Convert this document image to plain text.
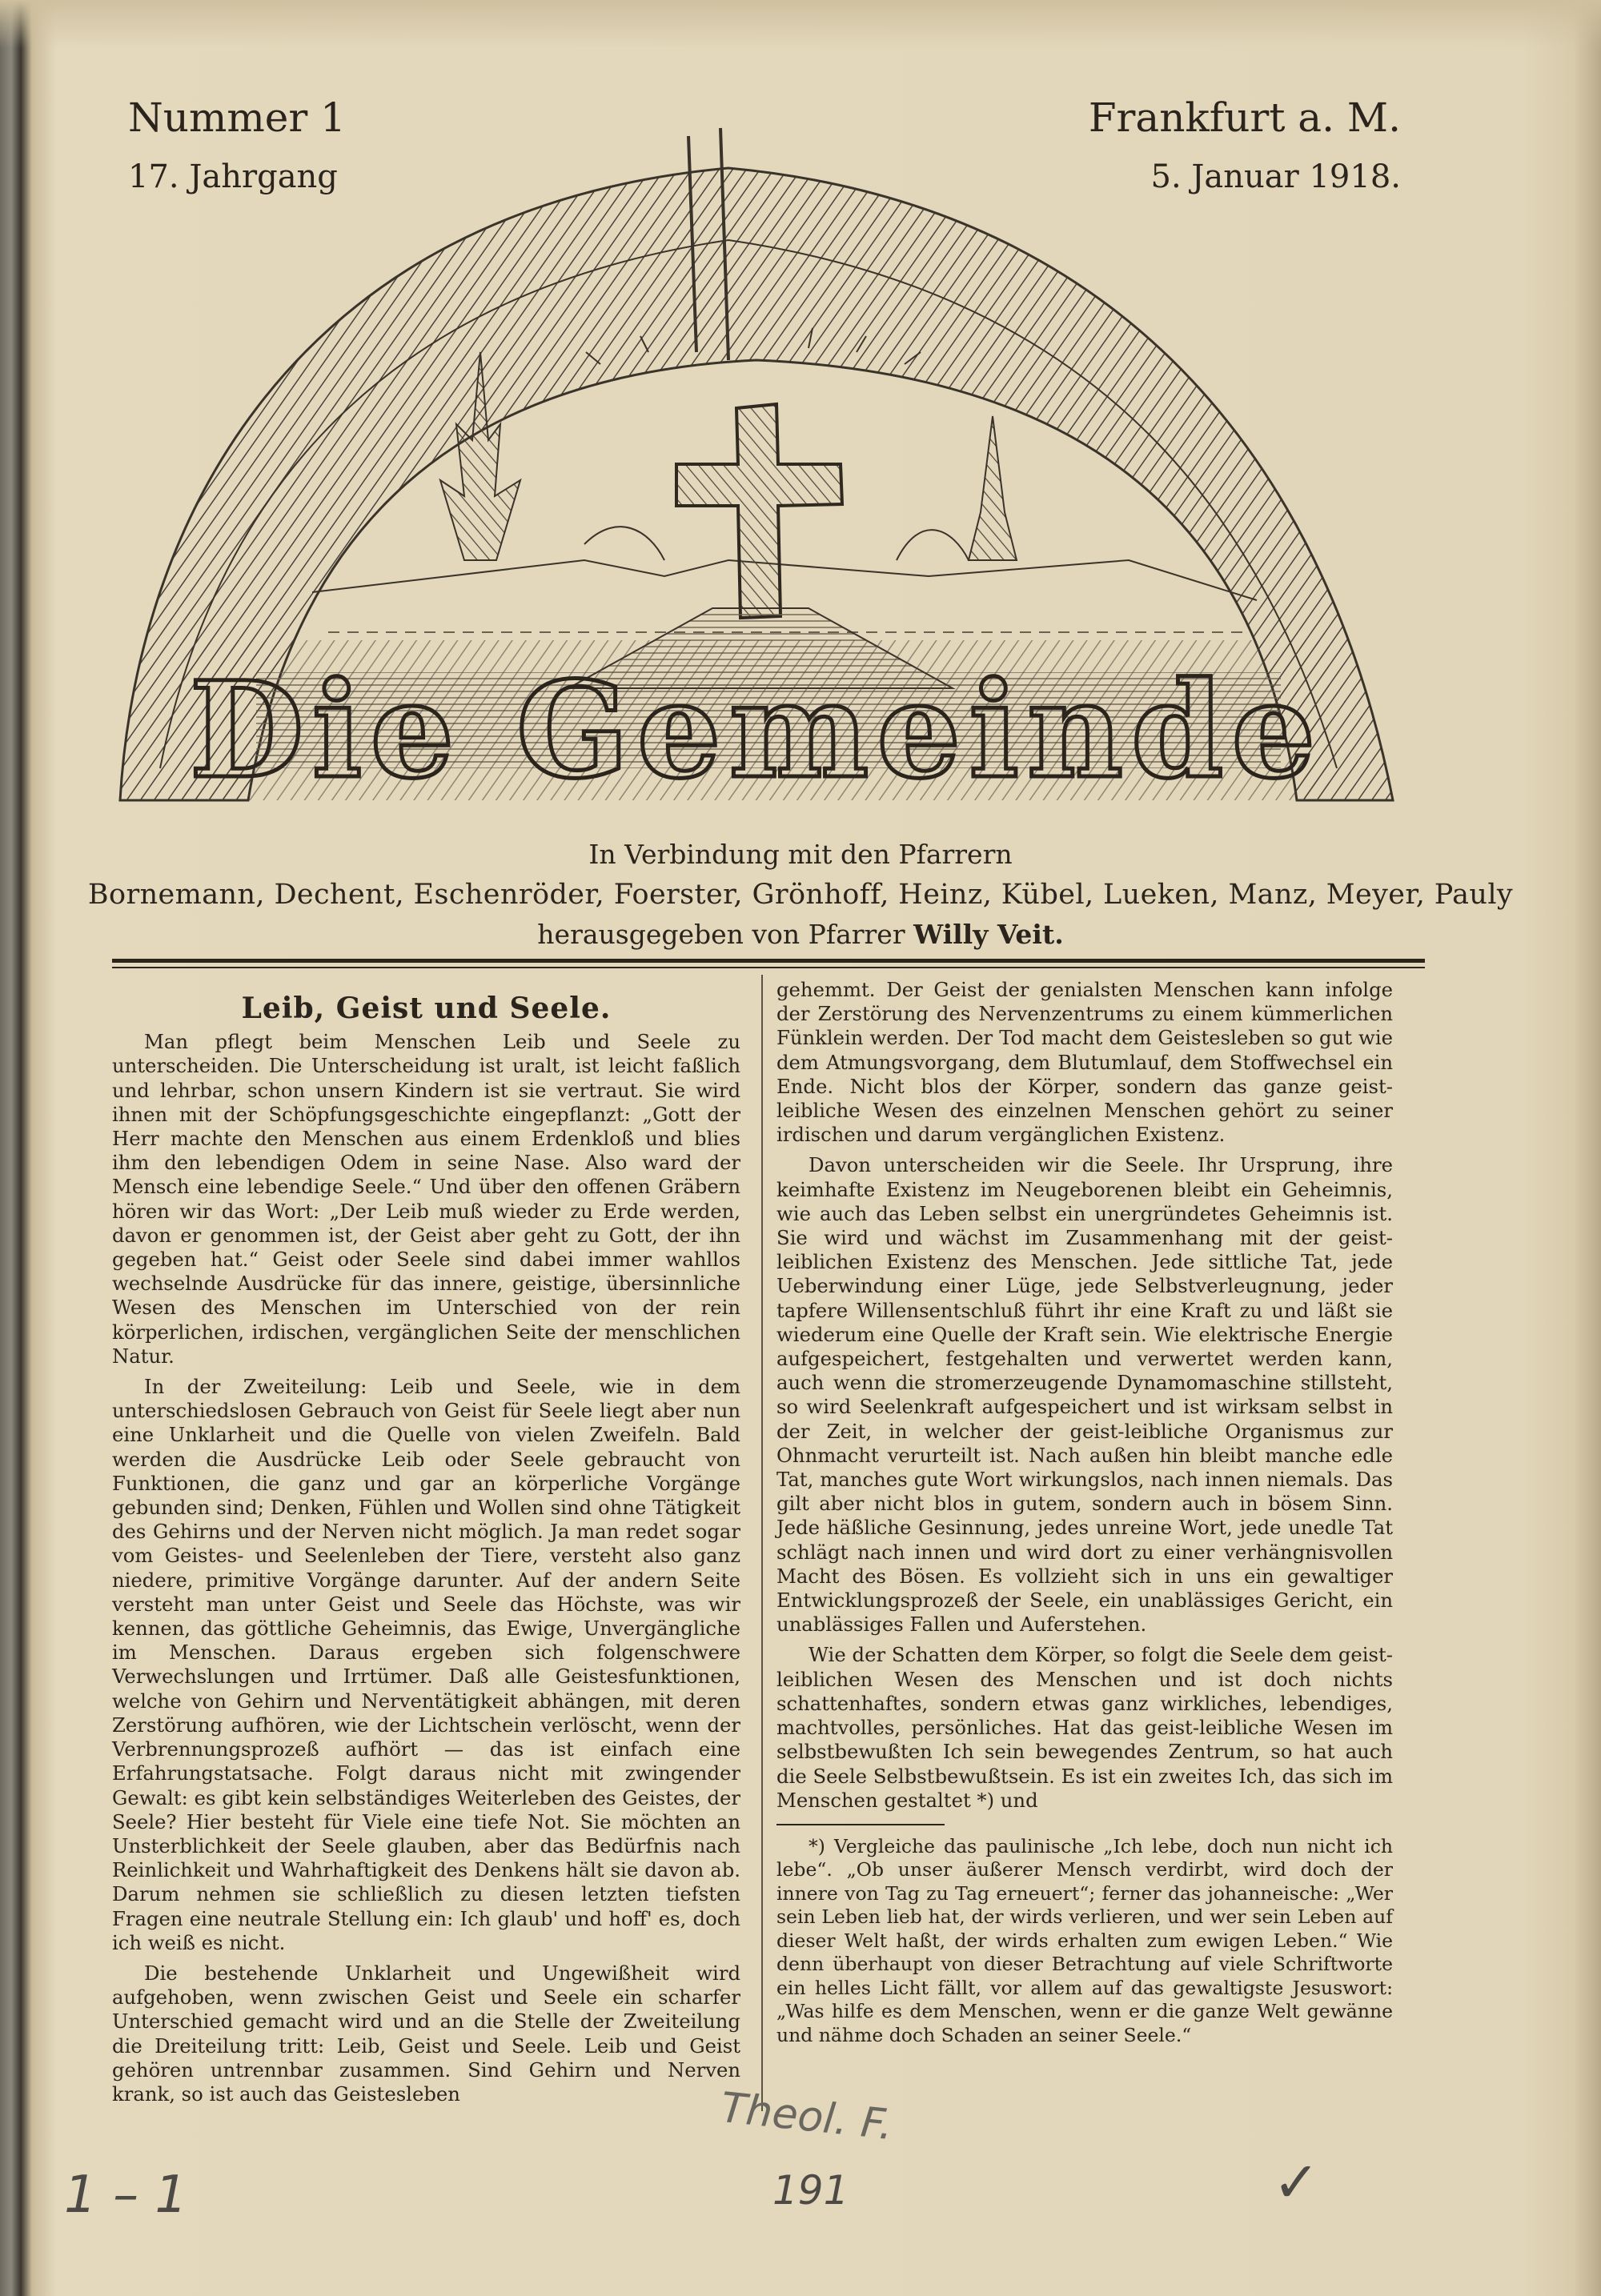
Nummer 1
17. Jahrgang
Frankfurt a. M.
5. Januar 1918.
Die Gemeinde
In Verbindung mit den Pfarrern
Bornemann, Dechent, Eschenröder, Foerster, Grönhoff, Heinz, Kübel, Lueken, Manz, Meyer, Pauly
herausgegeben von Pfarrer Willy Veit.

Leib, Geist und Seele.

Man pflegt beim Menschen Leib und Seele zu unterscheiden. Die Unterscheidung ist uralt, ist leicht faßlich und lehrbar, schon unsern Kindern ist sie vertraut. Sie wird ihnen mit der Schöpfungsgeschichte eingepflanzt: „Gott der Herr machte den Menschen aus einem Erdenkloß und blies ihm den lebendigen Odem in seine Nase. Also ward der Mensch eine lebendige Seele.“ Und über den offenen Gräbern hören wir das Wort: „Der Leib muß wieder zu Erde werden, davon er genommen ist, der Geist aber geht zu Gott, der ihn gegeben hat.“ Geist oder Seele sind dabei immer wahllos wechselnde Ausdrücke für das innere, geistige, übersinnliche Wesen des Menschen im Unterschied von der rein körperlichen, irdischen, vergänglichen Seite der menschlichen Natur.

In der Zweiteilung: Leib und Seele, wie in dem unterschiedslosen Gebrauch von Geist für Seele liegt aber nun eine Unklarheit und die Quelle von vielen Zweifeln. Bald werden die Ausdrücke Leib oder Seele gebraucht von Funktionen, die ganz und gar an körperliche Vorgänge gebunden sind; Denken, Fühlen und Wollen sind ohne Tätigkeit des Gehirns und der Nerven nicht möglich. Ja man redet sogar vom Geistes- und Seelenleben der Tiere, versteht also ganz niedere, primitive Vorgänge darunter. Auf der andern Seite versteht man unter Geist und Seele das Höchste, was wir kennen, das göttliche Geheimnis, das Ewige, Unvergängliche im Menschen. Daraus ergeben sich folgenschwere Verwechslungen und Irrtümer. Daß alle Geistesfunktionen, welche von Gehirn und Nerventätigkeit abhängen, mit deren Zerstörung aufhören, wie der Lichtschein verlöscht, wenn der Verbrennungsprozeß aufhört — das ist einfach eine Erfahrungstatsache. Folgt daraus nicht mit zwingender Gewalt: es gibt kein selbständiges Weiterleben des Geistes, der Seele? Hier besteht für Viele eine tiefe Not. Sie möchten an Unsterblichkeit der Seele glauben, aber das Bedürfnis nach Reinlichkeit und Wahrhaftigkeit des Denkens hält sie davon ab. Darum nehmen sie schließlich zu diesen letzten tiefsten Fragen eine neutrale Stellung ein: Ich glaub' und hoff' es, doch ich weiß es nicht.

Die bestehende Unklarheit und Ungewißheit wird aufgehoben, wenn zwischen Geist und Seele ein scharfer Unterschied gemacht wird und an die Stelle der Zweiteilung die Dreiteilung tritt: Leib, Geist und Seele. Leib und Geist gehören untrennbar zusammen. Sind Gehirn und Nerven krank, so ist auch das Geistesleben

gehemmt. Der Geist der genialsten Menschen kann infolge der Zerstörung des Nervenzentrums zu einem kümmerlichen Fünklein werden. Der Tod macht dem Geistesleben so gut wie dem Atmungsvorgang, dem Blutumlauf, dem Stoffwechsel ein Ende. Nicht blos der Körper, sondern das ganze geist-leibliche Wesen des einzelnen Menschen gehört zu seiner irdischen und darum vergänglichen Existenz.

Davon unterscheiden wir die Seele. Ihr Ursprung, ihre keimhafte Existenz im Neugeborenen bleibt ein Geheimnis, wie auch das Leben selbst ein unergründetes Geheimnis ist. Sie wird und wächst im Zusammenhang mit der geist-leiblichen Existenz des Menschen. Jede sittliche Tat, jede Ueberwindung einer Lüge, jede Selbstverleugnung, jeder tapfere Willensentschluß führt ihr eine Kraft zu und läßt sie wiederum eine Quelle der Kraft sein. Wie elektrische Energie aufgespeichert, festgehalten und verwertet werden kann, auch wenn die stromerzeugende Dynamomaschine stillsteht, so wird Seelenkraft aufgespeichert und ist wirksam selbst in der Zeit, in welcher der geist-leibliche Organismus zur Ohnmacht verurteilt ist. Nach außen hin bleibt manche edle Tat, manches gute Wort wirkungslos, nach innen niemals. Das gilt aber nicht blos in gutem, sondern auch in bösem Sinn. Jede häßliche Gesinnung, jedes unreine Wort, jede unedle Tat schlägt nach innen und wird dort zu einer verhängnisvollen Macht des Bösen. Es vollzieht sich in uns ein gewaltiger Entwicklungsprozeß der Seele, ein unablässiges Gericht, ein unablässiges Fallen und Auferstehen.

Wie der Schatten dem Körper, so folgt die Seele dem geist-leiblichen Wesen des Menschen und ist doch nichts schattenhaftes, sondern etwas ganz wirkliches, lebendiges, machtvolles, persönliches. Hat das geist-leibliche Wesen im selbstbewußten Ich sein bewegendes Zentrum, so hat auch die Seele Selbstbewußtsein. Es ist ein zweites Ich, das sich im Menschen gestaltet *) und

*) Vergleiche das paulinische „Ich lebe, doch nun nicht ich lebe“. „Ob unser äußerer Mensch verdirbt, wird doch der innere von Tag zu Tag erneuert“; ferner das johanneische: „Wer sein Leben lieb hat, der wirds verlieren, und wer sein Leben auf dieser Welt haßt, der wirds erhalten zum ewigen Leben.“ Wie denn überhaupt von dieser Betrachtung auf viele Schriftworte ein helles Licht fällt, vor allem auf das gewaltigste Jesuswort: „Was hilfe es dem Menschen, wenn er die ganze Welt gewänne und nähme doch Schaden an seiner Seele.“

Theol. F.
191
1 – 1	✓
